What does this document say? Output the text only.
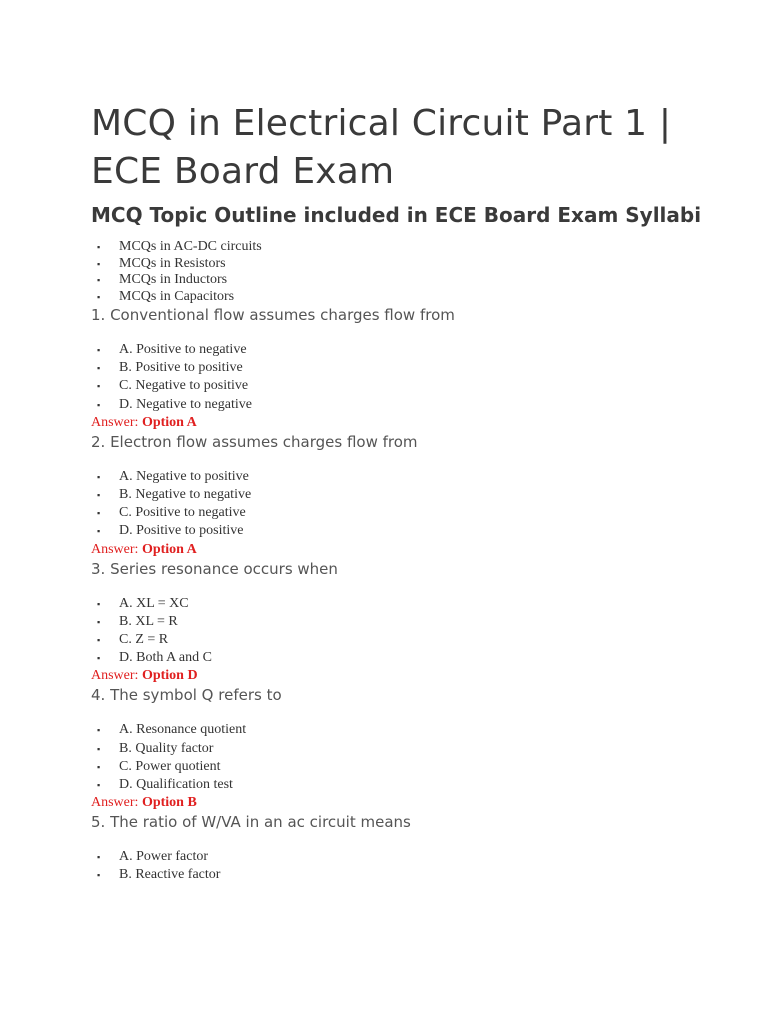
MCQ in Electrical Circuit Part 1 | ECE Board Exam
MCQ Topic Outline included in ECE Board Exam Syllabi
▪ MCQs in AC-DC circuits
▪ MCQs in Resistors
▪ MCQs in Inductors
▪ MCQs in Capacitors

1. Conventional flow assumes charges flow from

▪ A. Positive to negative
▪ B. Positive to positive
▪ C. Negative to positive
▪ D. Negative to negative

Answer: Option A

2. Electron flow assumes charges flow from

▪ A. Negative to positive
▪ B. Negative to negative
▪ C. Positive to negative
▪ D. Positive to positive

Answer: Option A

3. Series resonance occurs when

▪ A. XL = XC
▪ B. XL = R
▪ C. Z = R
▪ D. Both A and C

Answer: Option D

4. The symbol Q refers to

▪ A. Resonance quotient
▪ B. Quality factor
▪ C. Power quotient
▪ D. Qualification test

Answer: Option B

5. The ratio of W/VA in an ac circuit means

▪ A. Power factor
▪ B. Reactive factor
